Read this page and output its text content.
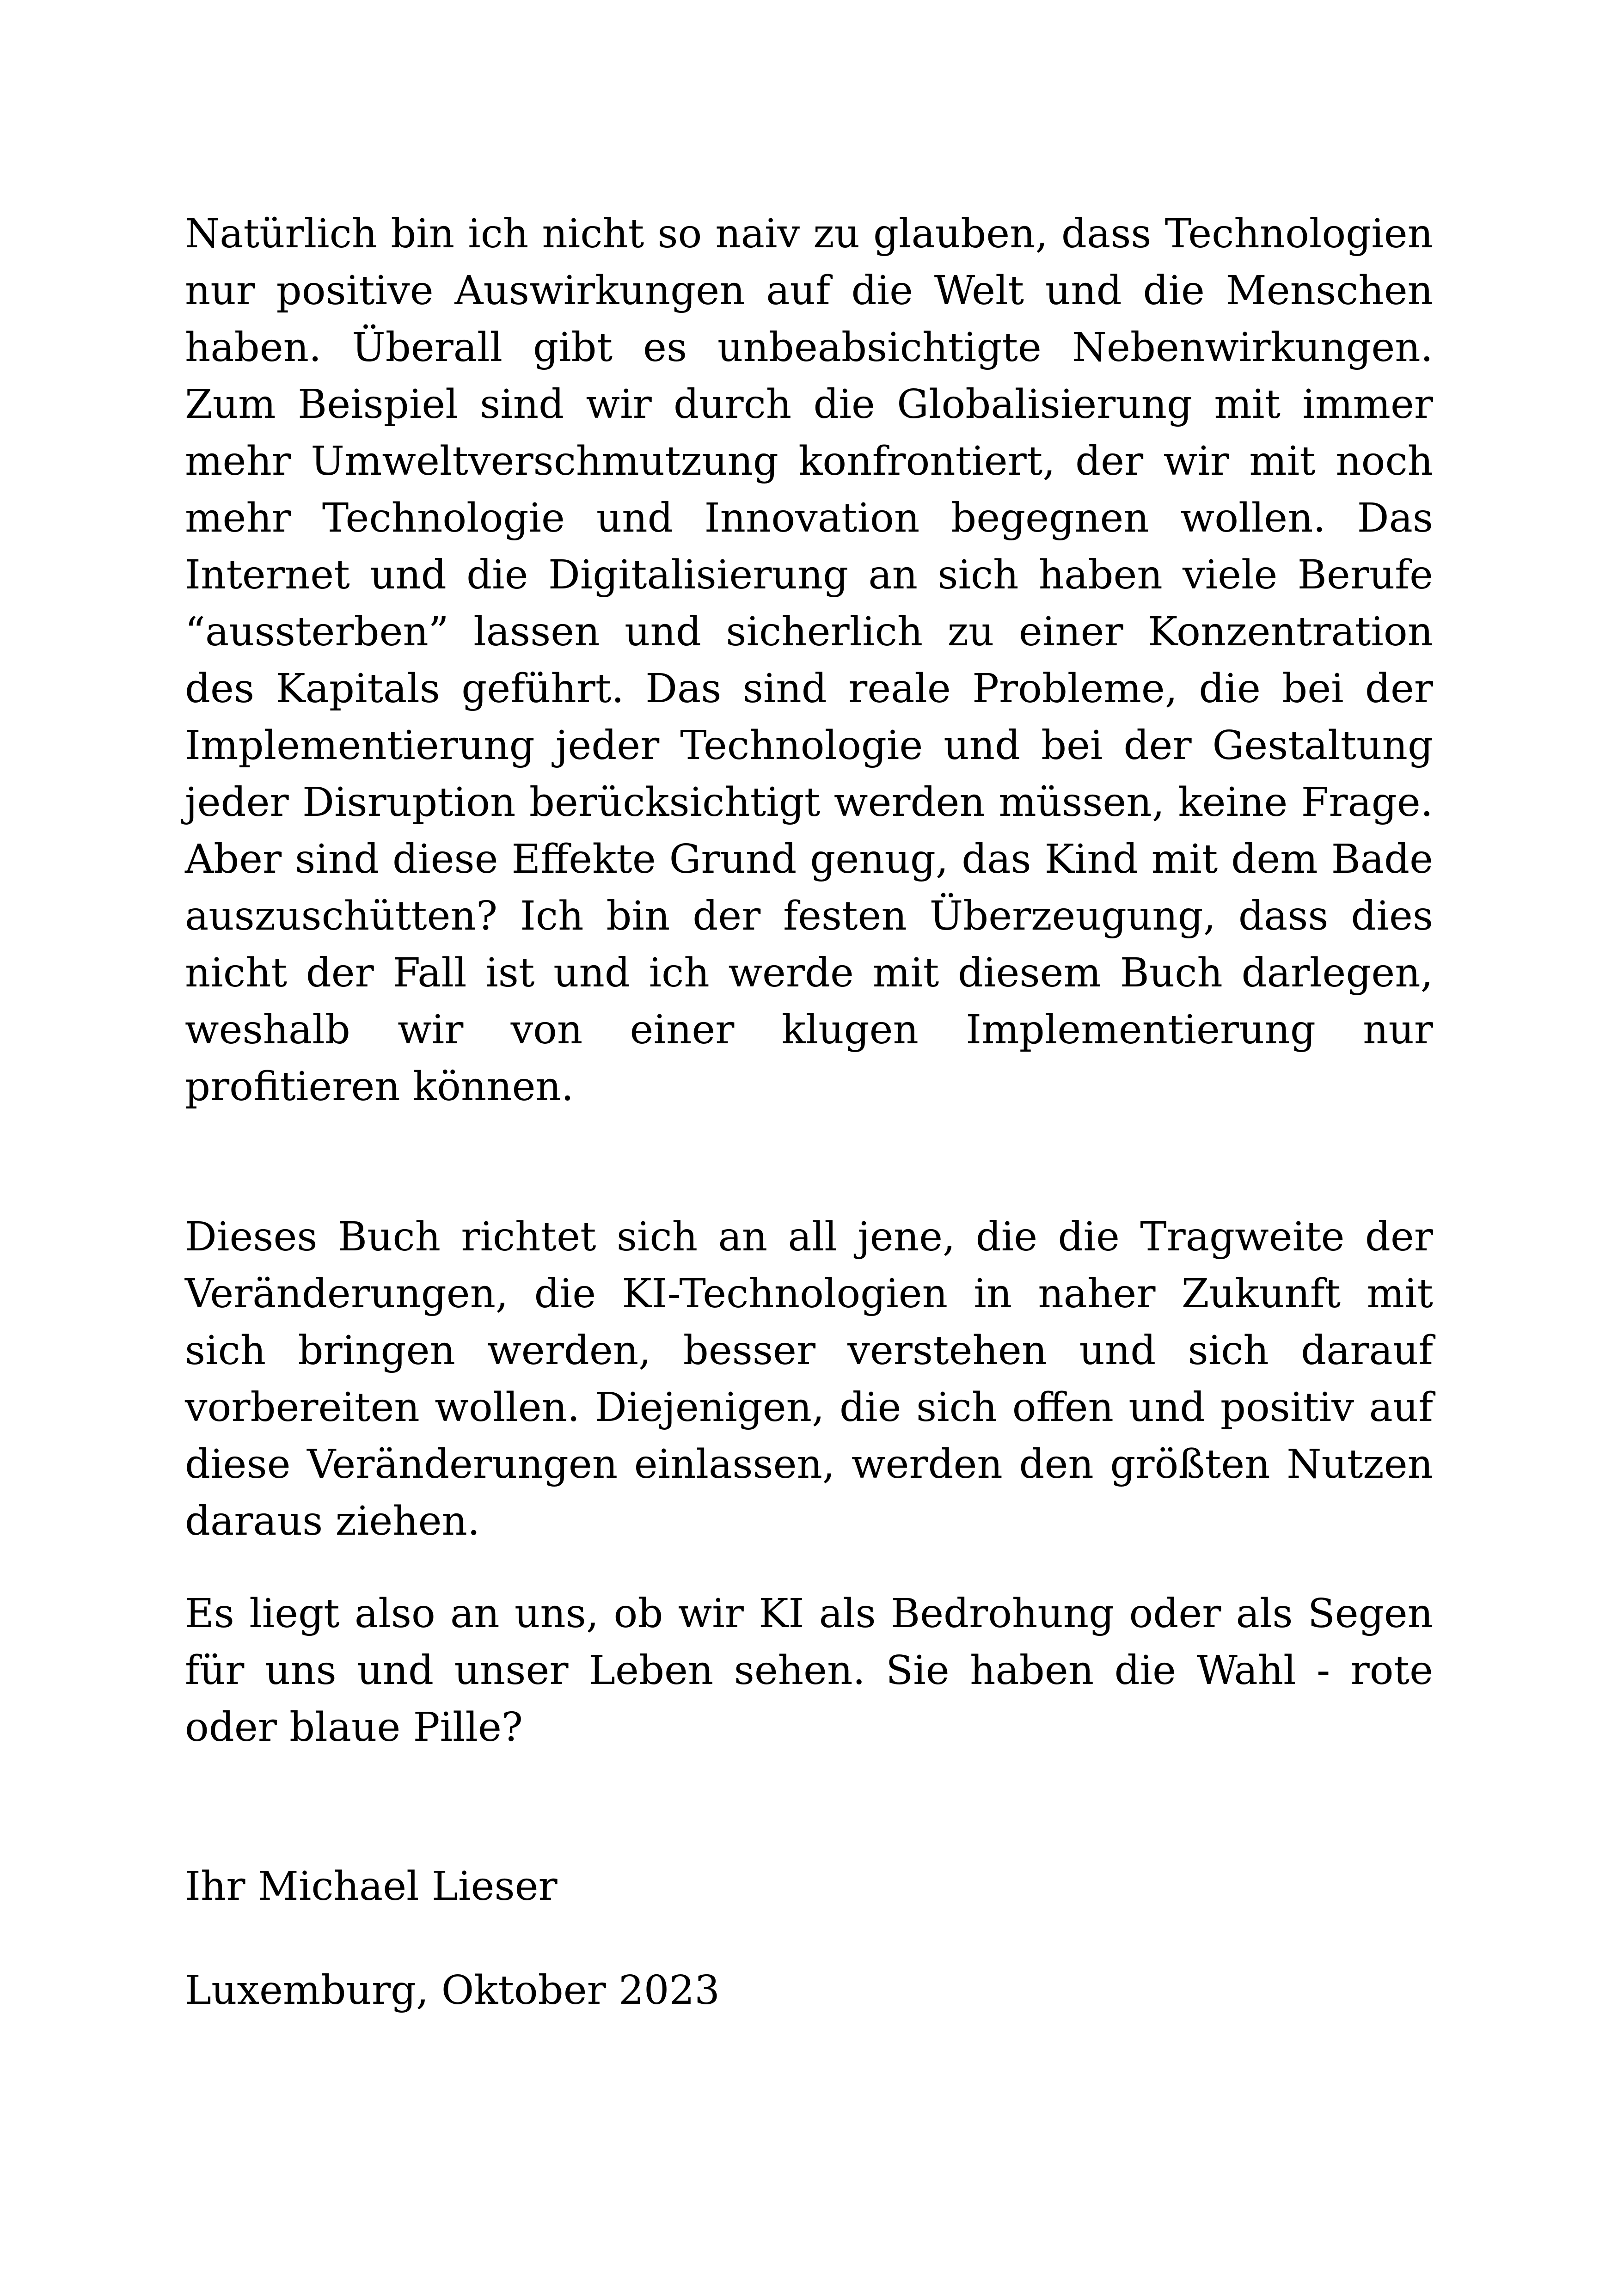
Natürlich bin ich nicht so naiv zu glauben, dass Technologien nur positive Auswirkungen auf die Welt und die Menschen haben. Überall gibt es unbeabsichtigte Nebenwirkungen. Zum Beispiel sind wir durch die Globalisierung mit immer mehr Umweltverschmutzung konfrontiert, der wir mit noch mehr Technologie und Innovation begegnen wollen. Das Internet und die Digitalisierung an sich haben viele Berufe “aussterben” lassen und sicherlich zu einer Konzentration des Kapitals geführt. Das sind reale Probleme, die bei der Implementierung jeder Technologie und bei der Gestaltung jeder Disruption berücksichtigt werden müssen, keine Frage. Aber sind diese Effekte Grund genug, das Kind mit dem Bade auszuschütten? Ich bin der festen Überzeugung, dass dies nicht der Fall ist und ich werde mit diesem Buch darlegen, weshalb wir von einer klugen Implementierung nur profitieren können.

Dieses Buch richtet sich an all jene, die die Tragweite der Veränderungen, die KI-Technologien in naher Zukunft mit sich bringen werden, besser verstehen und sich darauf vorbereiten wollen. Diejenigen, die sich offen und positiv auf diese Veränderungen einlassen, werden den größten Nutzen daraus ziehen.

Es liegt also an uns, ob wir KI als Bedrohung oder als Segen für uns und unser Leben sehen. Sie haben die Wahl - rote oder blaue Pille?

Ihr Michael Lieser
Luxemburg, Oktober 2023
